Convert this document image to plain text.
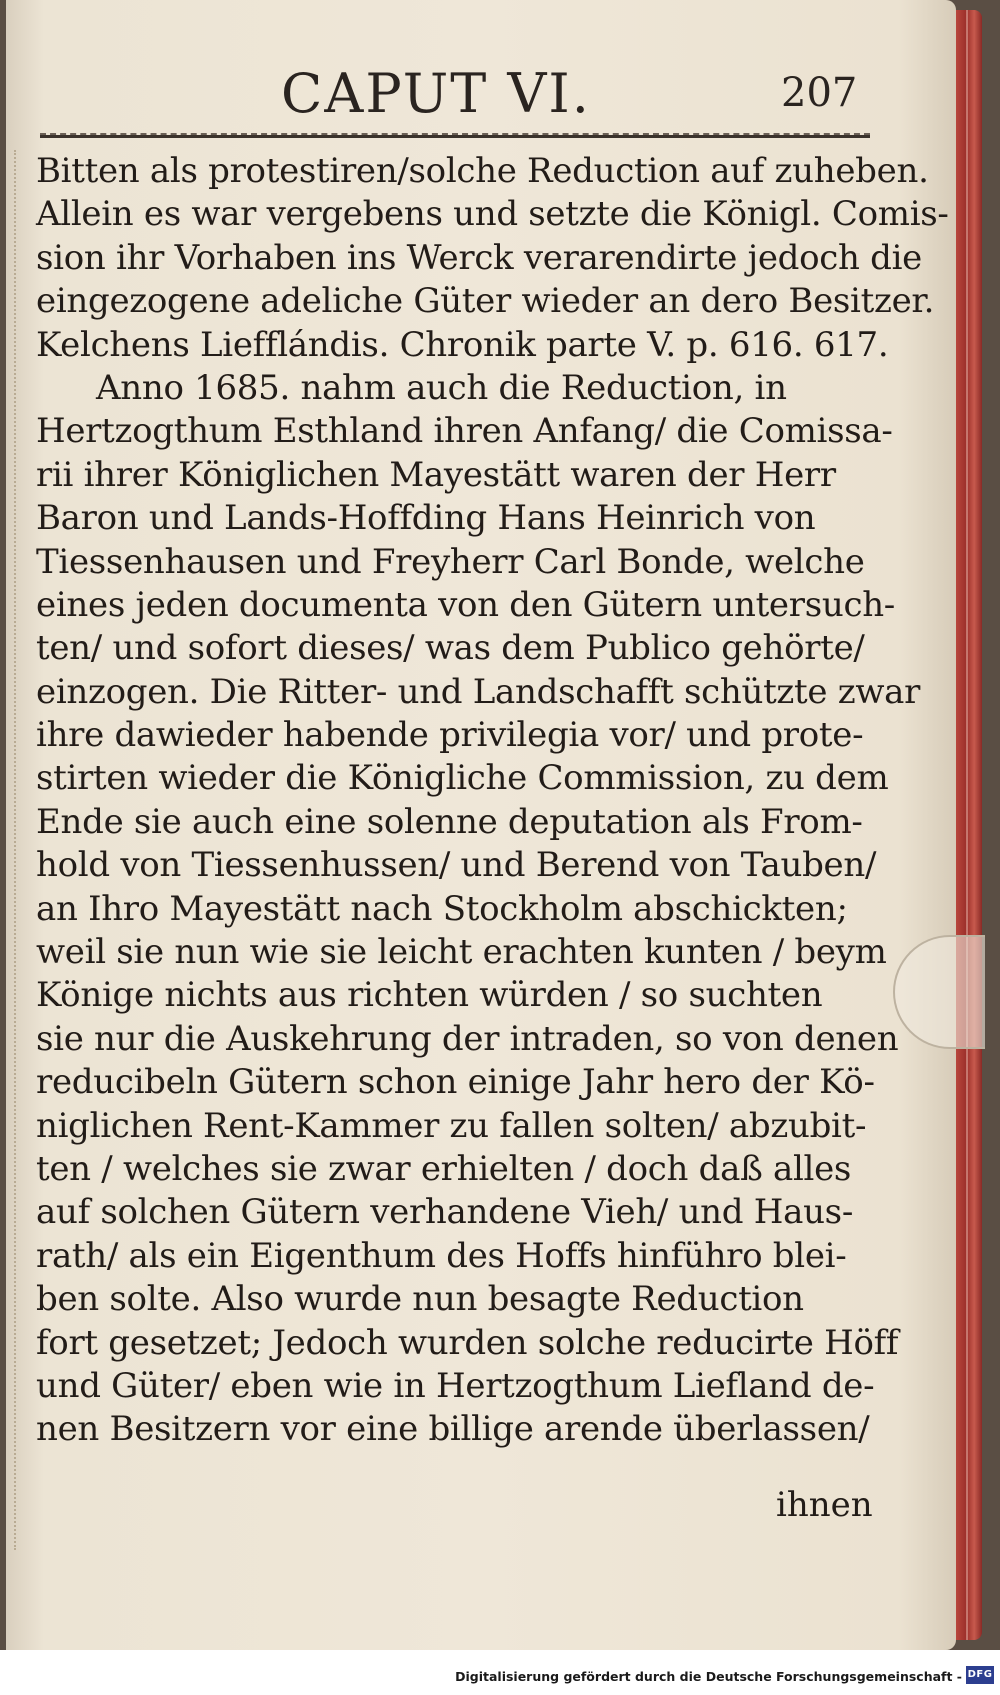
CAPUT VI.	207
Bitten als protestiren/solche Reduction auf zuheben.
Allein es war vergebens und setzte die Königl. Comis-
sion ihr Vorhaben ins Werck verarendirte jedoch die
eingezogene adeliche Güter wieder an dero Besitzer.
Kelchens Liefflándis. Chronik parte V. p. 616. 617.
Anno 1685. nahm auch die Reduction, in
Hertzogthum Esthland ihren Anfang/ die Comissa-
rii ihrer Königlichen Mayestätt waren der Herr
Baron und Lands-Hoffding Hans Heinrich von
Tiessenhausen und Freyherr Carl Bonde, welche
eines jeden documenta von den Gütern untersuch-
ten/ und sofort dieses/ was dem Publico gehörte/
einzogen. Die Ritter- und Landschafft schützte zwar
ihre dawieder habende privilegia vor/ und prote-
stirten wieder die Königliche Commission, zu dem
Ende sie auch eine solenne deputation als From-
hold von Tiessenhussen/ und Berend von Tauben/
an Ihro Mayestätt nach Stockholm abschickten;
weil sie nun wie sie leicht erachten kunten / beym
Könige nichts aus richten würden / so suchten
sie nur die Auskehrung der intraden, so von denen
reducibeln Gütern schon einige Jahr hero der Kö-
niglichen Rent-Kammer zu fallen solten/ abzubit-
ten / welches sie zwar erhielten / doch daß alles
auf solchen Gütern verhandene Vieh/ und Haus-
rath/ als ein Eigenthum des Hoffs hinführo blei-
ben solte. Also wurde nun besagte Reduction
fort gesetzet; Jedoch wurden solche reducirte Höff
und Güter/ eben wie in Hertzogthum Liefland de-
nen Besitzern vor eine billige arende überlassen/
ihnen
Digitalisierung gefördert durch die Deutsche Forschungsgemeinschaft - DFG
